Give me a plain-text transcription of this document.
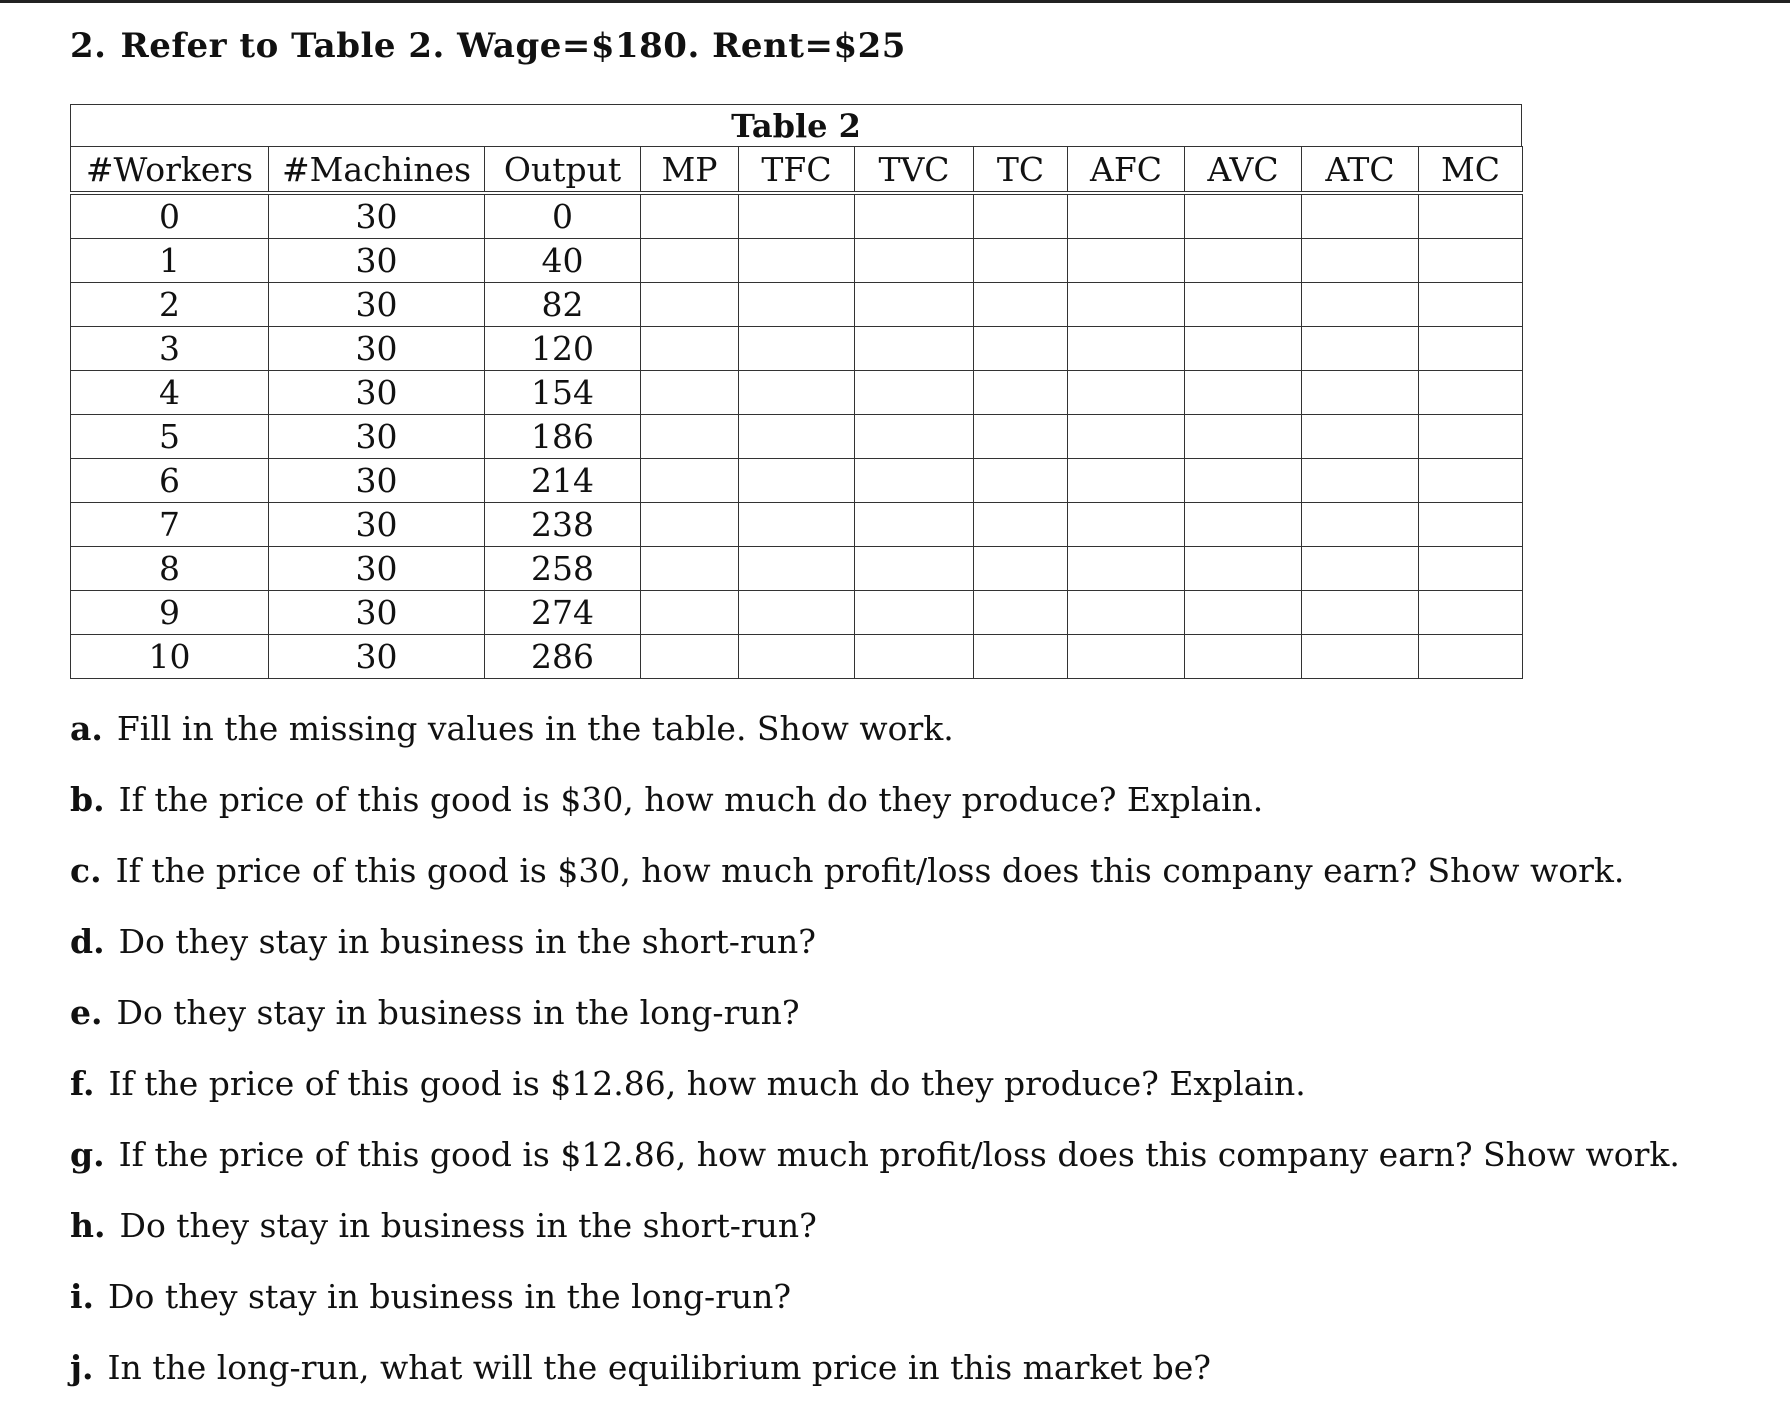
2. Refer to Table 2. Wage=$180. Rent=$25
Table 2
#Workers	#Machines	Output	MP	TFC	TVC	TC	AFC	AVC	ATC	MC
0	30	0								
1	30	40								
2	30	82								
3	30	120								
4	30	154								
5	30	186								
6	30	214								
7	30	238								
8	30	258								
9	30	274								
10	30	286								
a. Fill in the missing values in the table. Show work.
b. If the price of this good is $30, how much do they produce? Explain.
c. If the price of this good is $30, how much profit/loss does this company earn? Show work.
d. Do they stay in business in the short-run?
e. Do they stay in business in the long-run?
f. If the price of this good is $12.86, how much do they produce? Explain.
g. If the price of this good is $12.86, how much profit/loss does this company earn? Show work.
h. Do they stay in business in the short-run?
i. Do they stay in business in the long-run?
j. In the long-run, what will the equilibrium price in this market be?
